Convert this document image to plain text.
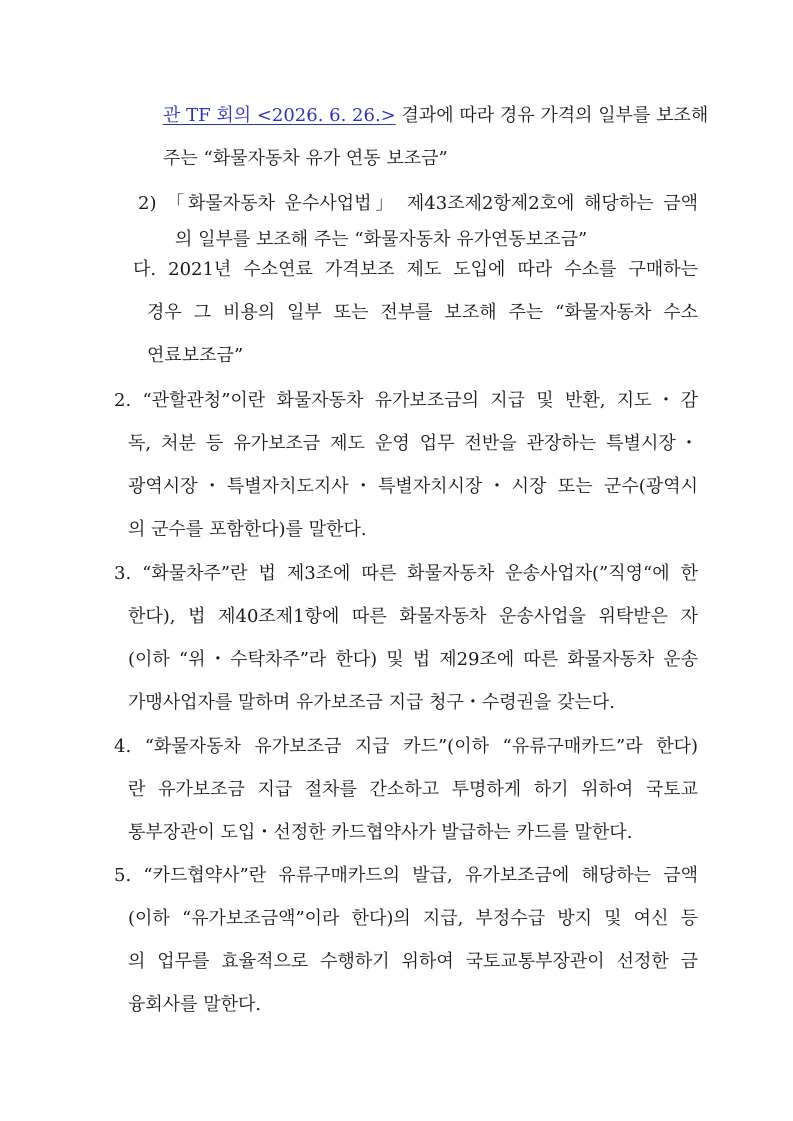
관 TF 회의 <2026. 6. 26.> 결과에 따라 경유 가격의 일부를 보조해
주는 “화물자동차 유가 연동 보조금”
2) 「화물자동차 운수사업법」 제43조제2항제2호에 해당하는 금액
의 일부를 보조해 주는 “화물자동차 유가연동보조금”
다. 2021년 수소연료 가격보조 제도 도입에 따라 수소를 구매하는
경우 그 비용의 일부 또는 전부를 보조해 주는 “화물자동차 수소
연료보조금”
2. “관할관청”이란 화물자동차 유가보조금의 지급 및 반환, 지도・감
독, 처분 등 유가보조금 제도 운영 업무 전반을 관장하는 특별시장・
광역시장・특별자치도지사・특별자치시장・시장 또는 군수(광역시
의 군수를 포함한다)를 말한다.
3. “화물차주”란 법 제3조에 따른 화물자동차 운송사업자(”직영“에 한
한다), 법 제40조제1항에 따른 화물자동차 운송사업을 위탁받은 자
(이하 “위・수탁차주”라 한다) 및 법 제29조에 따른 화물자동차 운송
가맹사업자를 말하며 유가보조금 지급 청구・수령권을 갖는다.
4. “화물자동차 유가보조금 지급 카드”(이하 “유류구매카드”라 한다)
란 유가보조금 지급 절차를 간소하고 투명하게 하기 위하여 국토교
통부장관이 도입・선정한 카드협약사가 발급하는 카드를 말한다.
5. “카드협약사”란 유류구매카드의 발급, 유가보조금에 해당하는 금액
(이하 “유가보조금액”이라 한다)의 지급, 부정수급 방지 및 여신 등
의 업무를 효율적으로 수행하기 위하여 국토교통부장관이 선정한 금
융회사를 말한다.
